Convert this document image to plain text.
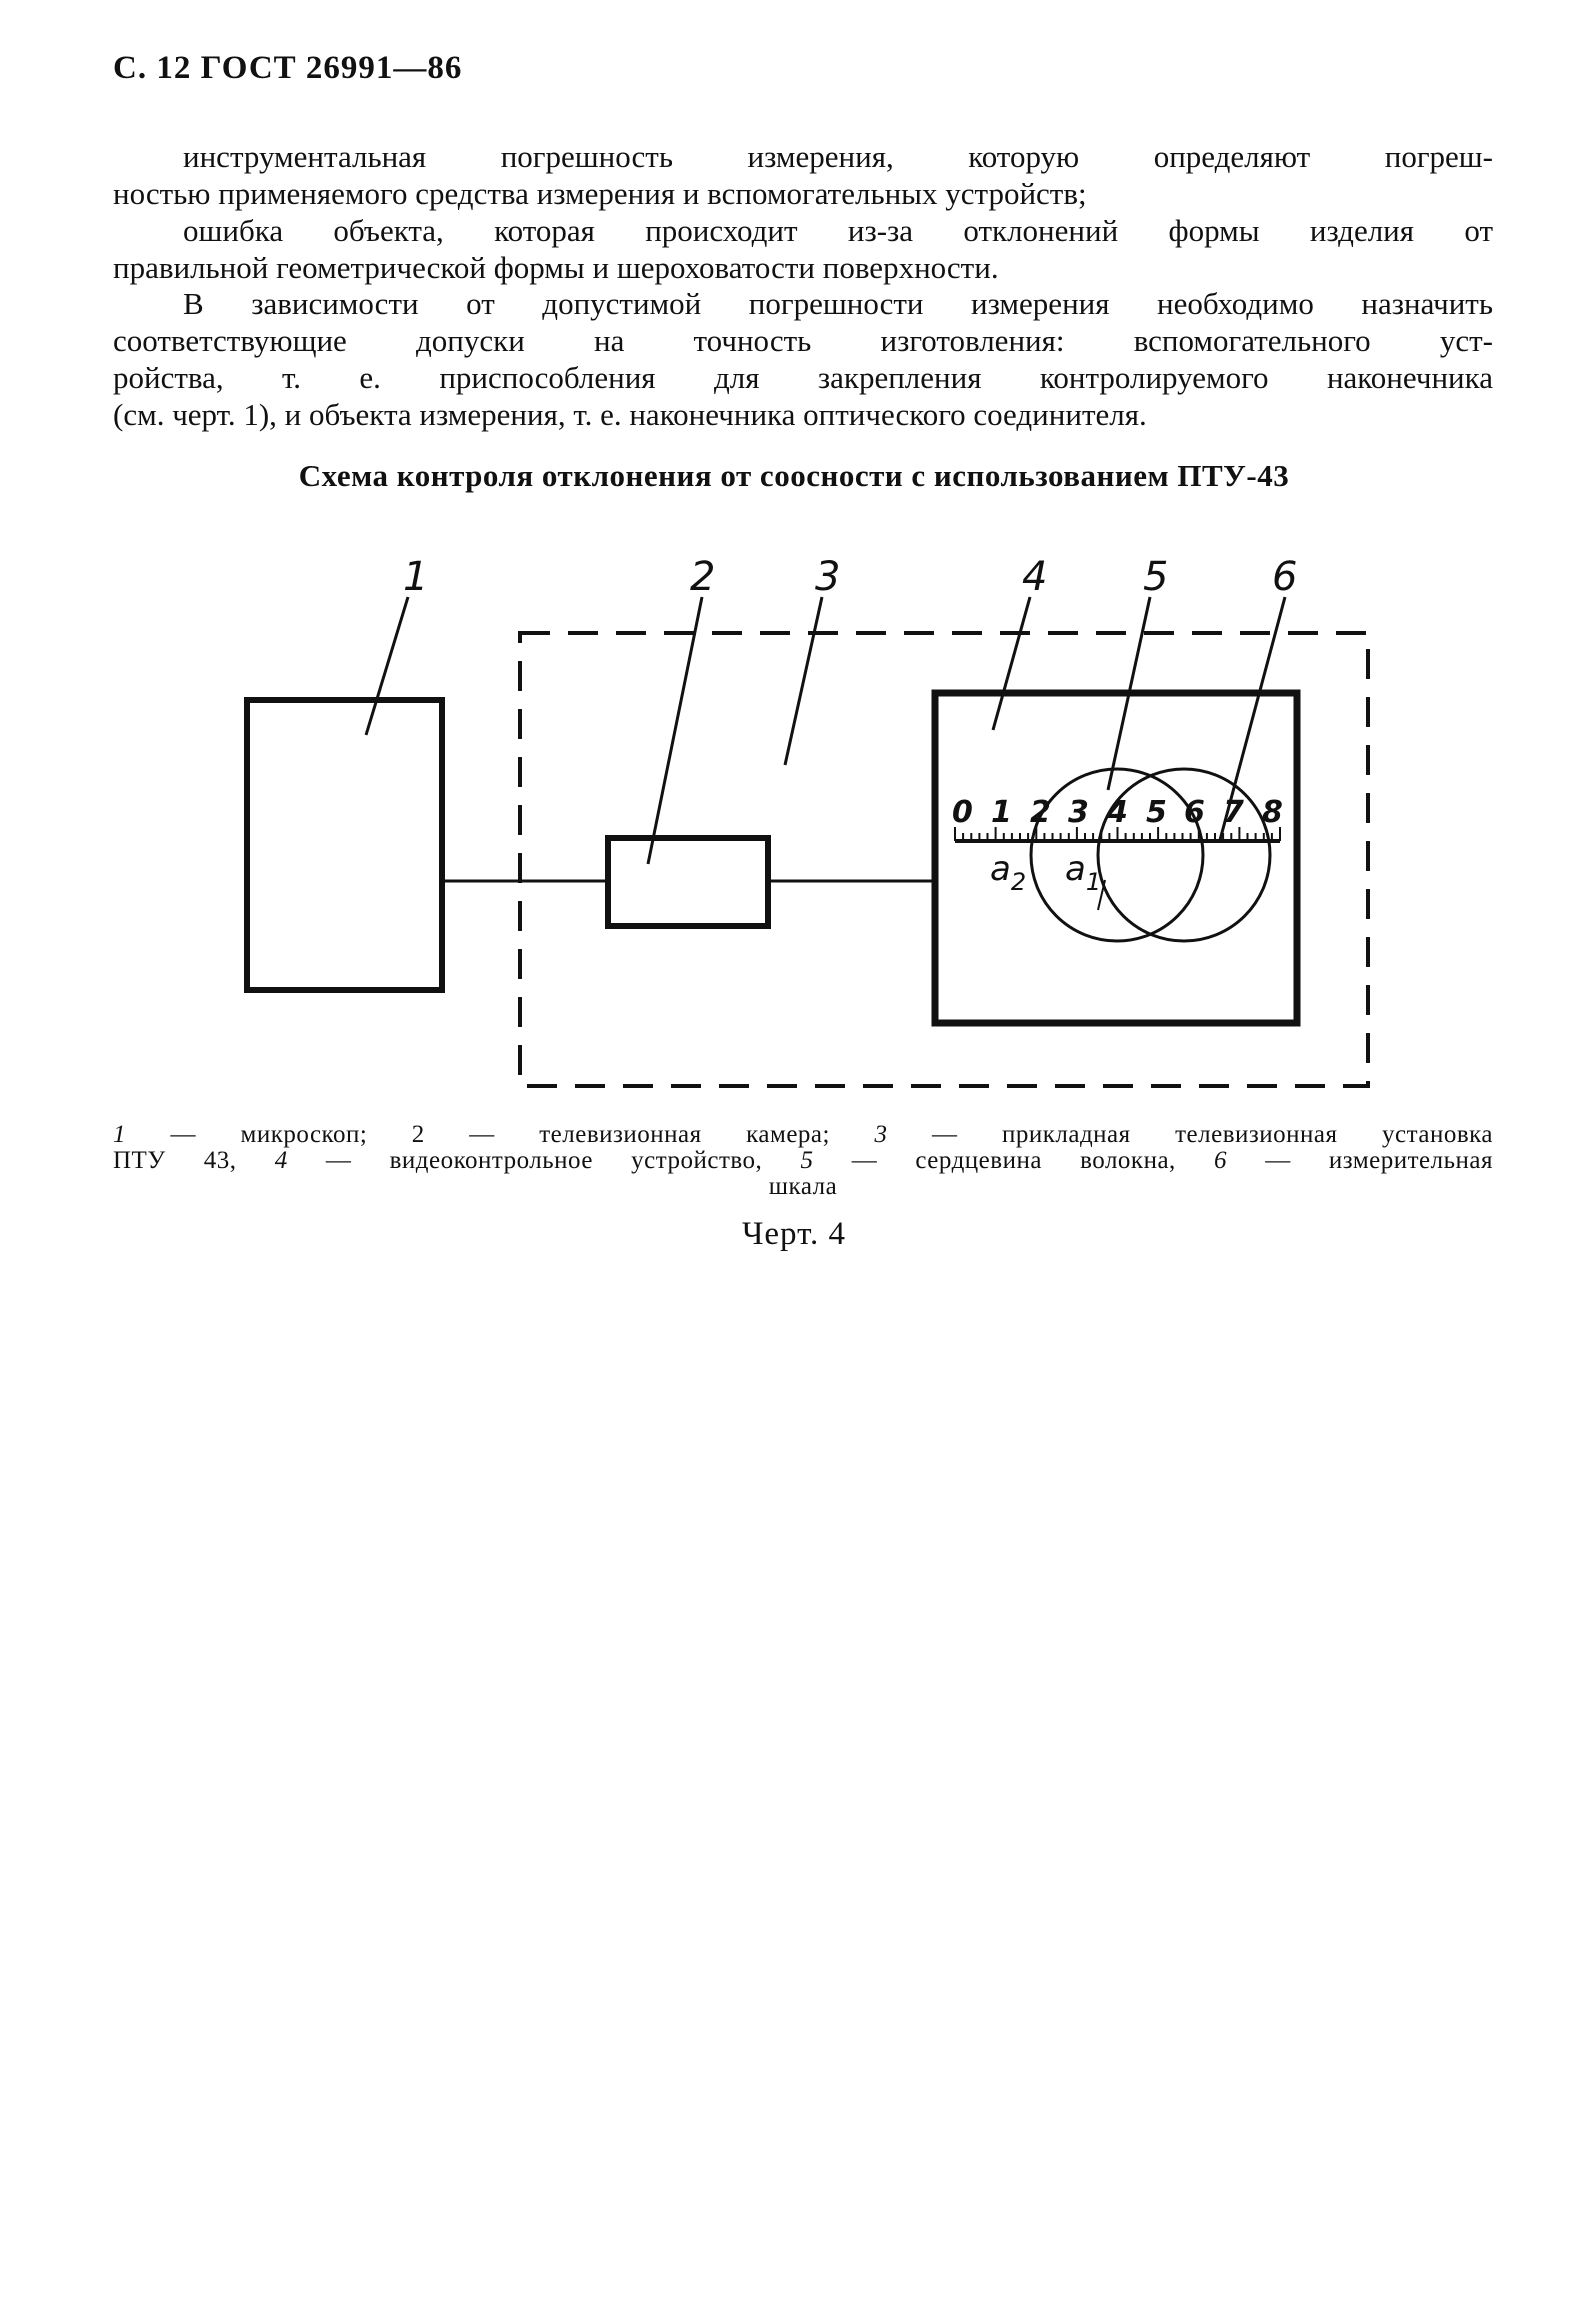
С. 12 ГОСТ 26991—86
инструментальная погрешность измерения, которую определяют погреш-
ностью применяемого средства измерения и вспомогательных устройств;
ошибка объекта, которая происходит из-за отклонений формы изделия от
правильной геометрической формы и шероховатости поверхности.
В зависимости от допустимой погрешности измерения необходимо назначить
соответствующие допуски на точность изготовления: вспомогательного уст-
ройства, т. е. приспособления для закрепления контролируемого наконечника
(см. черт. 1), и объекта измерения, т. е. наконечника оптического соединителя.
Схема контроля отклонения от соосности с использованием ПТУ-43
1	2 3	4 5	6
0 1 2 3 4 5 6 7 8
$a_2$ $a_1$
1 — микроскоп; 2 — телевизионная камера; 3 — прикладная телевизионная установка
ПТУ 43, 4 — видеоконтрольное устройство, 5 — сердцевина волокна, 6 — измерительная
шкала
Черт. 4
